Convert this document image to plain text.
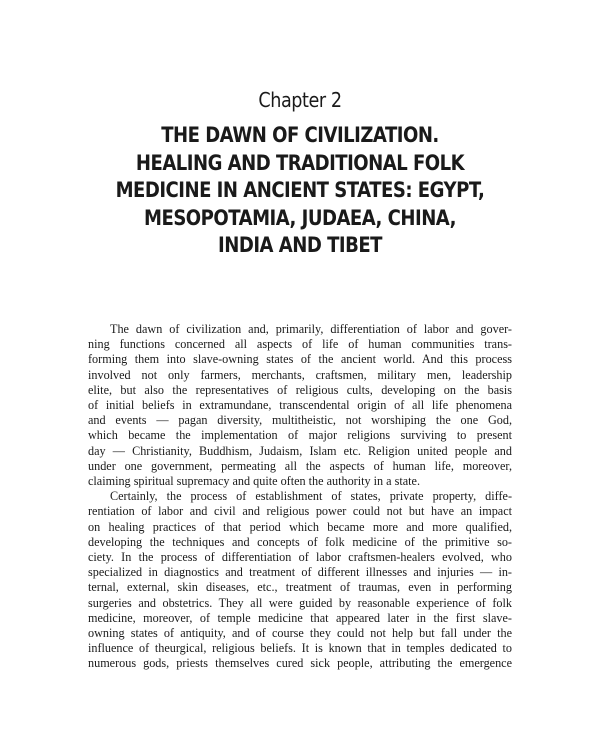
Chapter 2
THE DAWN OF CIVILIZATION.
HEALING AND TRADITIONAL FOLK
MEDICINE IN ANCIENT STATES: EGYPT,
MESOPOTAMIA, JUDAEA, CHINA,
INDIA AND TIBET
The dawn of civilization and, primarily, differentiation of labor and gover-
ning functions concerned all aspects of life of human communities trans-
forming them into slave-owning states of the ancient world. And this process
involved not only farmers, merchants, craftsmen, military men, leadership
elite, but also the representatives of religious cults, developing on the basis
of initial beliefs in extramundane, transcendental origin of all life phenomena
and events — pagan diversity, multitheistic, not worshiping the one God,
which became the implementation of major religions surviving to present
day — Christianity, Buddhism, Judaism, Islam etc. Religion united people and
under one government, permeating all the aspects of human life, moreover,
claiming spiritual supremacy and quite often the authority in a state.
Certainly, the process of establishment of states, private property, diffe-
rentiation of labor and civil and religious power could not but have an impact
on healing practices of that period which became more and more qualified,
developing the techniques and concepts of folk medicine of the primitive so-
ciety. In the process of differentiation of labor craftsmen-healers evolved, who
specialized in diagnostics and treatment of different illnesses and injuries — in-
ternal, external, skin diseases, etc., treatment of traumas, even in performing
surgeries and obstetrics. They all were guided by reasonable experience of folk
medicine, moreover, of temple medicine that appeared later in the first slave-
owning states of antiquity, and of course they could not help but fall under the
influence of theurgical, religious beliefs. It is known that in temples dedicated to
numerous gods, priests themselves cured sick people, attributing the emergence
